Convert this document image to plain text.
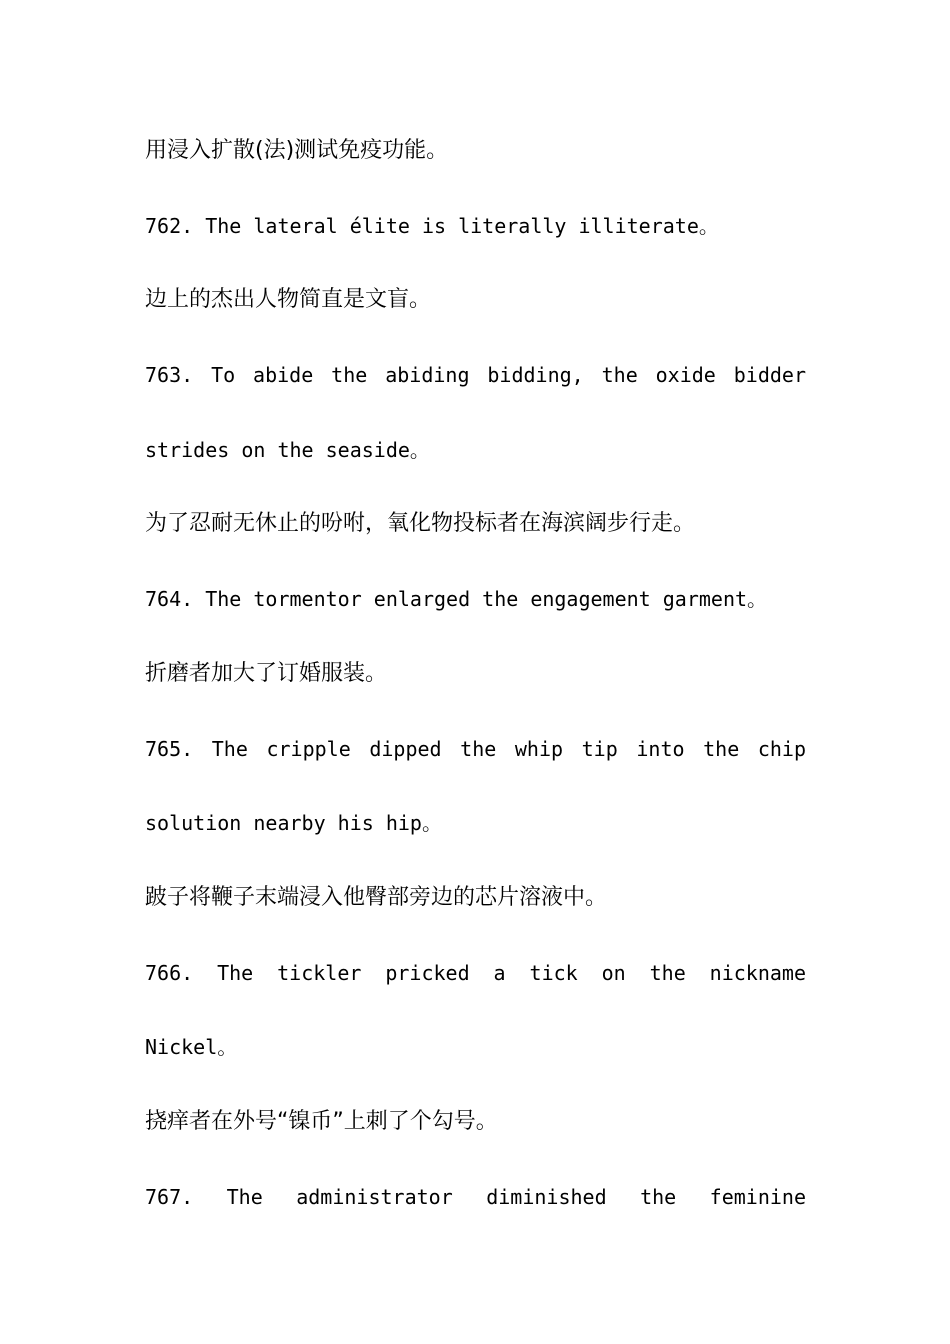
用浸入扩散(法)测试免疫功能。
762. The lateral élite is literally illiterate。
边上的杰出人物简直是文盲。
763. To abide the abiding bidding, the oxide bidder
strides on the seaside。
为了忍耐无休止的吩咐，氧化物投标者在海滨阔步行走。
764. The tormentor enlarged the engagement garment。
折磨者加大了订婚服装。
765. The cripple dipped the whip tip into the chip
solution nearby his hip。
跛子将鞭子末端浸入他臀部旁边的芯片溶液中。
766. The tickler pricked a tick on the nickname
Nickel。
挠痒者在外号“镍币”上刺了个勾号。
767. The administrator diminished the feminine
